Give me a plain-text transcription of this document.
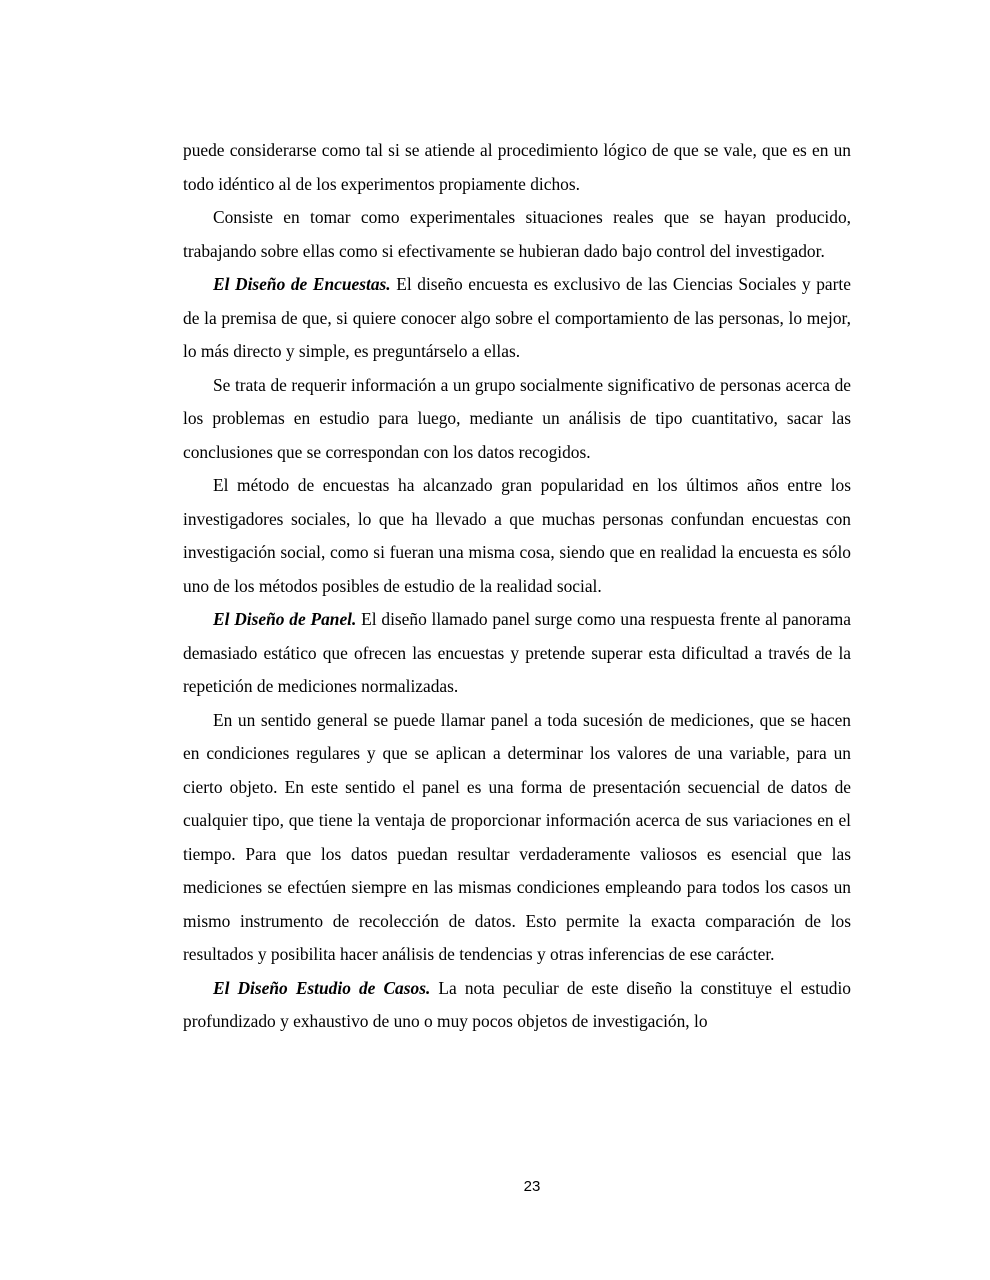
puede considerarse como tal si se atiende al procedimiento lógico de que se vale, que es en un todo idéntico al de los experimentos propiamente dichos.

Consiste en tomar como experimentales situaciones reales que se hayan producido, trabajando sobre ellas como si efectivamente se hubieran dado bajo control del investigador.

El Diseño de Encuestas. El diseño encuesta es exclusivo de las Ciencias Sociales y parte de la premisa de que, si quiere conocer algo sobre el comportamiento de las personas, lo mejor, lo más directo y simple, es preguntárselo a ellas.

Se trata de requerir información a un grupo socialmente significativo de personas acerca de los problemas en estudio para luego, mediante un análisis de tipo cuantitativo, sacar las conclusiones que se correspondan con los datos recogidos.

El método de encuestas ha alcanzado gran popularidad en los últimos años entre los investigadores sociales, lo que ha llevado a que muchas personas confundan encuestas con investigación social, como si fueran una misma cosa, siendo que en realidad la encuesta es sólo uno de los métodos posibles de estudio de la realidad social.

El Diseño de Panel. El diseño llamado panel surge como una respuesta frente al panorama demasiado estático que ofrecen las encuestas y pretende superar esta dificultad a través de la repetición de mediciones normalizadas.

En un sentido general se puede llamar panel a toda sucesión de mediciones, que se hacen en condiciones regulares y que se aplican a determinar los valores de una variable, para un cierto objeto. En este sentido el panel es una forma de presentación secuencial de datos de cualquier tipo, que tiene la ventaja de proporcionar información acerca de sus variaciones en el tiempo. Para que los datos puedan resultar verdaderamente valiosos es esencial que las mediciones se efectúen siempre en las mismas condiciones empleando para todos los casos un mismo instrumento de recolección de datos. Esto permite la exacta comparación de los resultados y posibilita hacer análisis de tendencias y otras inferencias de ese carácter.

El Diseño Estudio de Casos. La nota peculiar de este diseño la constituye el estudio profundizado y exhaustivo de uno o muy pocos objetos de investigación, lo

23
